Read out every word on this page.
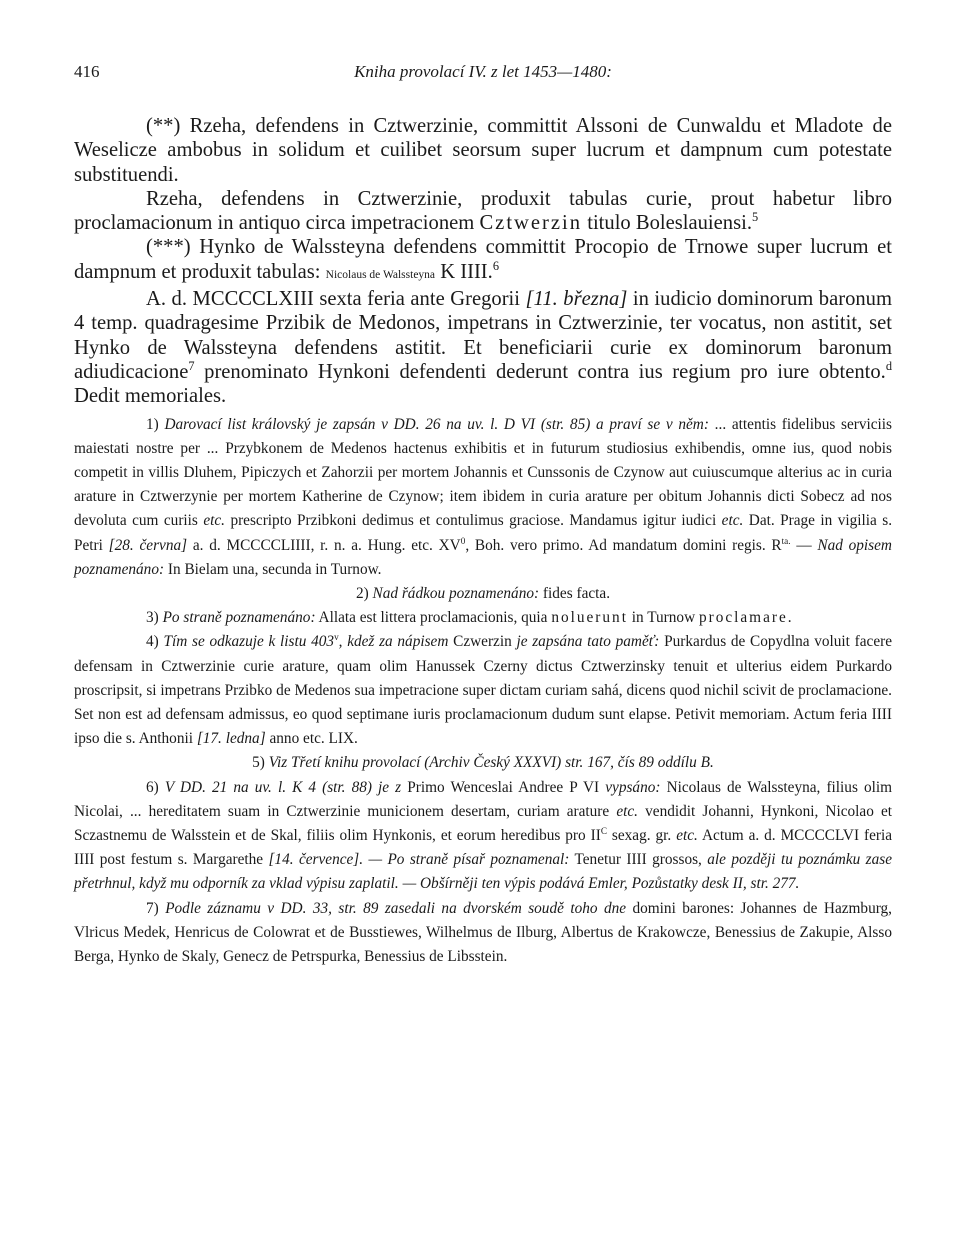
416	Kniha provolací IV. z let 1453—1480:

(**) Rzeha, defendens in Cztwerzinie, committit Alssoni de Cunwaldu et Mladote de Weselicze ambobus in solidum et cuilibet seorsum super lucrum et dampnum cum potestate substituendi.

Rzeha, defendens in Cztwerzinie, produxit tabulas curie, prout habetur libro proclamacionum in antiquo circa impetracionem Cztwerzin titulo Boleslauiensi.$^5$

(***) Hynko de Walssteyna defendens committit Procopio de Trnowe super lucrum et dampnum et produxit tabulas: Nicolaus de Walssteyna K IIII.$^6$

A. d. MCCCCLXIII sexta feria ante Gregorii [11. března] in iudicio dominorum baronum 4 temp. quadragesime Przibik de Medonos, impetrans in Cztwerzinie, ter vocatus, non astitit, set Hynko de Walssteyna defendens astitit. Et beneficiarii curie ex dominorum baronum adiudicacione$^7$ prenominato Hynkoni defendenti dederunt contra ius regium pro iure obtento.$^d$ Dedit memoriales.

1) Darovací list královský je zapsán v DD. 26 na uv. l. D VI (str. 85) a praví se v něm: ... attentis fidelibus serviciis maiestati nostre per ... Przybkonem de Medenos hactenus exhibitis et in futurum studiosius exhibendis, omne ius, quod nobis competit in villis Dluhem, Pipiczych et Zahorzii per mortem Johannis et Cunssonis de Czynow aut cuiuscumque alterius ac in curia arature in Cztwerzynie per mortem Katherine de Czynow; item ibidem in curia arature per obitum Johannis dicti Sobecz ad nos devoluta cum curiis etc. prescripto Przibkoni dedimus et contulimus graciose. Mandamus igitur iudici etc. Dat. Prage in vigilia s. Petri [28. června] a. d. MCCCCLIIII, r. n. a. Hung. etc. $XV^0$, Boh. vero primo. Ad mandatum domini regis. $R^{ta.}$ — Nad opisem poznamenáno: In Bielam una, secunda in Turnow.

2) Nad řádkou poznamenáno: fides facta.

3) Po straně poznamenáno: Allata est littera proclamacionis, quia noluerunt in Turnow proclamare.

4) Tím se odkazuje k listu 403$^v$, kdež za nápisem Czwerzin je zapsána tato paměť: Purkardus de Copydlna voluit facere defensam in Cztwerzinie curie arature, quam olim Hanussek Czerny dictus Cztwerzinsky tenuit et ulterius eidem Purkardo proscripsit, si impetrans Przibko de Medenos sua impetracione super dictam curiam sahá, dicens quod nichil scivit de proclamacione. Set non est ad defensam admissus, eo quod septimane iuris proclamacionum dudum sunt elapse. Petivit memoriam. Actum feria IIII ipso die s. Anthonii [17. ledna] anno etc. LIX.

5) Viz Třetí knihu provolací (Archiv Český XXXVI) str. 167, čís 89 oddílu B.

6) V DD. 21 na uv. l. K 4 (str. 88) je z Primo Wenceslai Andree P VI vypsáno: Nicolaus de Walssteyna, filius olim Nicolai, ... hereditatem suam in Cztwerzinie municionem desertam, curiam arature etc. vendidit Johanni, Hynkoni, Nicolao et Sczastnemu de Walsstein et de Skal, filiis olim Hynkonis, et eorum heredibus pro $II^C$ sexag. gr. etc. Actum a. d. MCCCCLVI feria IIII post festum s. Margarethe [14. července]. — Po straně písař poznamenal: Tenetur IIII grossos, ale později tu poznámku zase přetrhnul, když mu odporník za vklad výpisu zaplatil. — Obšírněji ten výpis podává Emler, Pozůstatky desk II, str. 277.

7) Podle záznamu v DD. 33, str. 89 zasedali na dvorském soudě toho dne domini barones: Johannes de Hazmburg, Vlricus Medek, Henricus de Colowrat et de Busstiewes, Wilhelmus de Ilburg, Albertus de Krakowcze, Benessius de Zakupie, Alsso Berga, Hynko de Skaly, Genecz de Petrspurka, Benessius de Libsstein.
